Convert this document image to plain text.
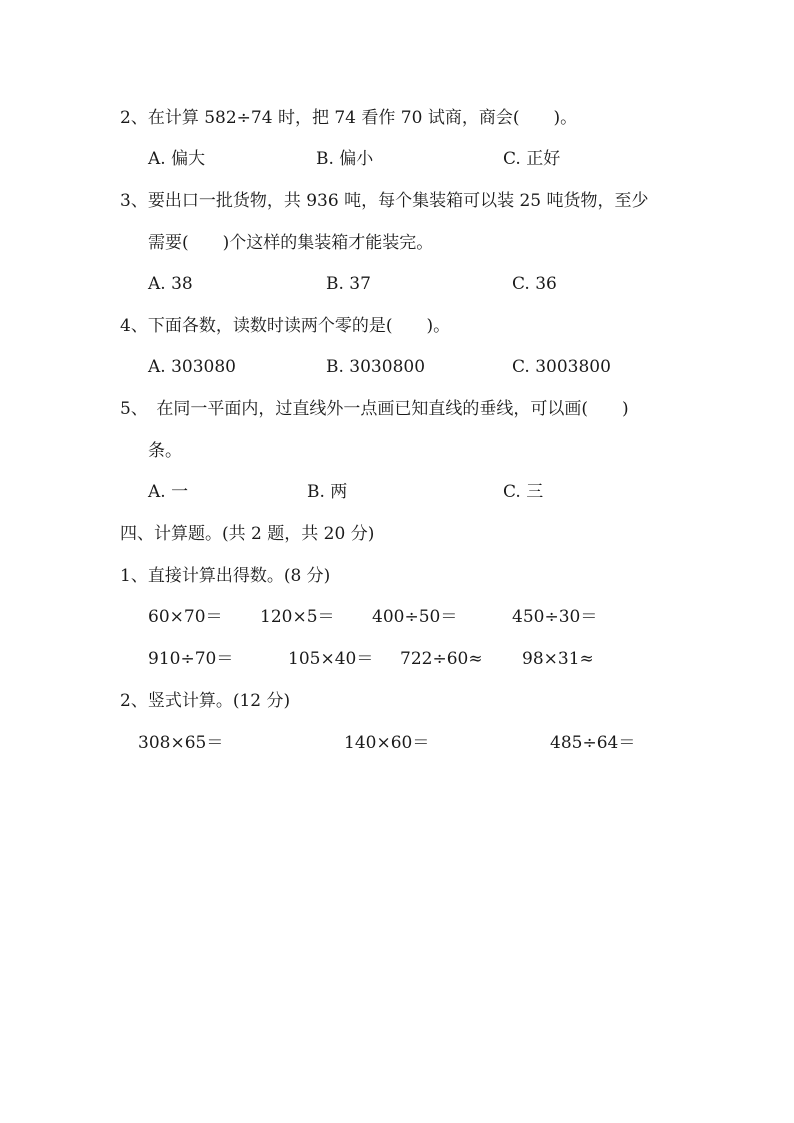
2、在计算 582÷74 时，把 74 看作 70 试商，商会(　　)。
A. 偏大	B. 偏小	C. 正好
3、要出口一批货物，共 936 吨，每个集装箱可以装 25 吨货物，至少
需要(　　)个这样的集装箱才能装完。
A. 38	B. 37	C. 36
4、下面各数，读数时读两个零的是(　　)。
A. 303080	B. 3030800	C. 3003800
5、　在同一平面内，过直线外一点画已知直线的垂线，可以画(　　)
条。
A. 一	B. 两	C. 三
四、计算题。(共 2 题，共 20 分)
1、直接计算出得数。(8 分)
60×70＝ 120×5＝ 400÷50＝	450÷30＝
910÷70＝	105×40＝ 722÷60≈ 98×31≈
2、竖式计算。(12 分)
308×65＝	140×60＝	485÷64＝
